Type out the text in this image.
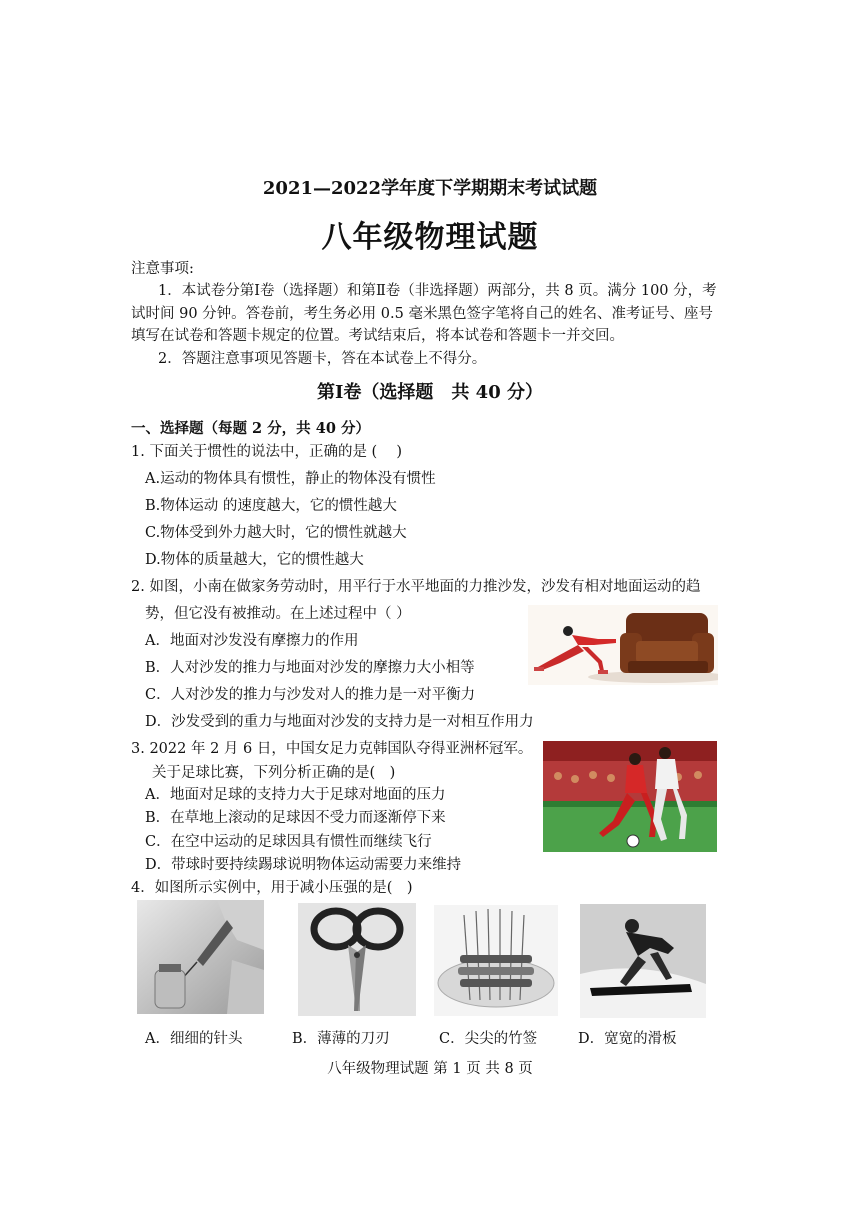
2021—2022学年度下学期期末考试试题
八年级物理试题
注意事项:
1．本试卷分第Ⅰ卷（选择题）和第Ⅱ卷（非选择题）两部分，共 8 页。满分 100 分，考
试时间 90 分钟。答卷前，考生务必用 0.5 毫米黑色签字笔将自己的姓名、准考证号、座号
填写在试卷和答题卡规定的位置。考试结束后，将本试卷和答题卡一并交回。
2．答题注意事项见答题卡，答在本试卷上不得分。
第Ⅰ卷（选择题　共 40 分）
一、选择题（每题 2 分，共 40 分）
1. 下面关于惯性的说法中，正确的是 (　 )
A.运动的物体具有惯性，静止的物体没有惯性
B.物体运动 的速度越大，它的惯性越大
C.物体受到外力越大时，它的惯性就越大
D.物体的质量越大，它的惯性越大
2. 如图，小南在做家务劳动时，用平行于水平地面的力推沙发，沙发有相对地面运动的趋
势，但它没有被推动。在上述过程中（ ）
A．地面对沙发没有摩擦力的作用
B．人对沙发的推力与地面对沙发的摩擦力大小相等
C．人对沙发的推力与沙发对人的推力是一对平衡力
D．沙发受到的重力与地面对沙发的支持力是一对相互作用力
3. 2022 年 2 月 6 日，中国女足力克韩国队夺得亚洲杯冠军。
关于足球比赛，下列分析正确的是(　)
A．地面对足球的支持力大于足球对地面的压力
B．在草地上滚动的足球因不受力而逐渐停下来
C．在空中运动的足球因具有惯性而继续飞行
D．带球时要持续踢球说明物体运动需要力来维持
4．如图所示实例中，用于减小压强的是(　)
A．细细的针头	B．薄薄的刀刃	C．尖尖的竹签	D．宽宽的滑板
八年级物理试题 第 1 页 共 8 页
